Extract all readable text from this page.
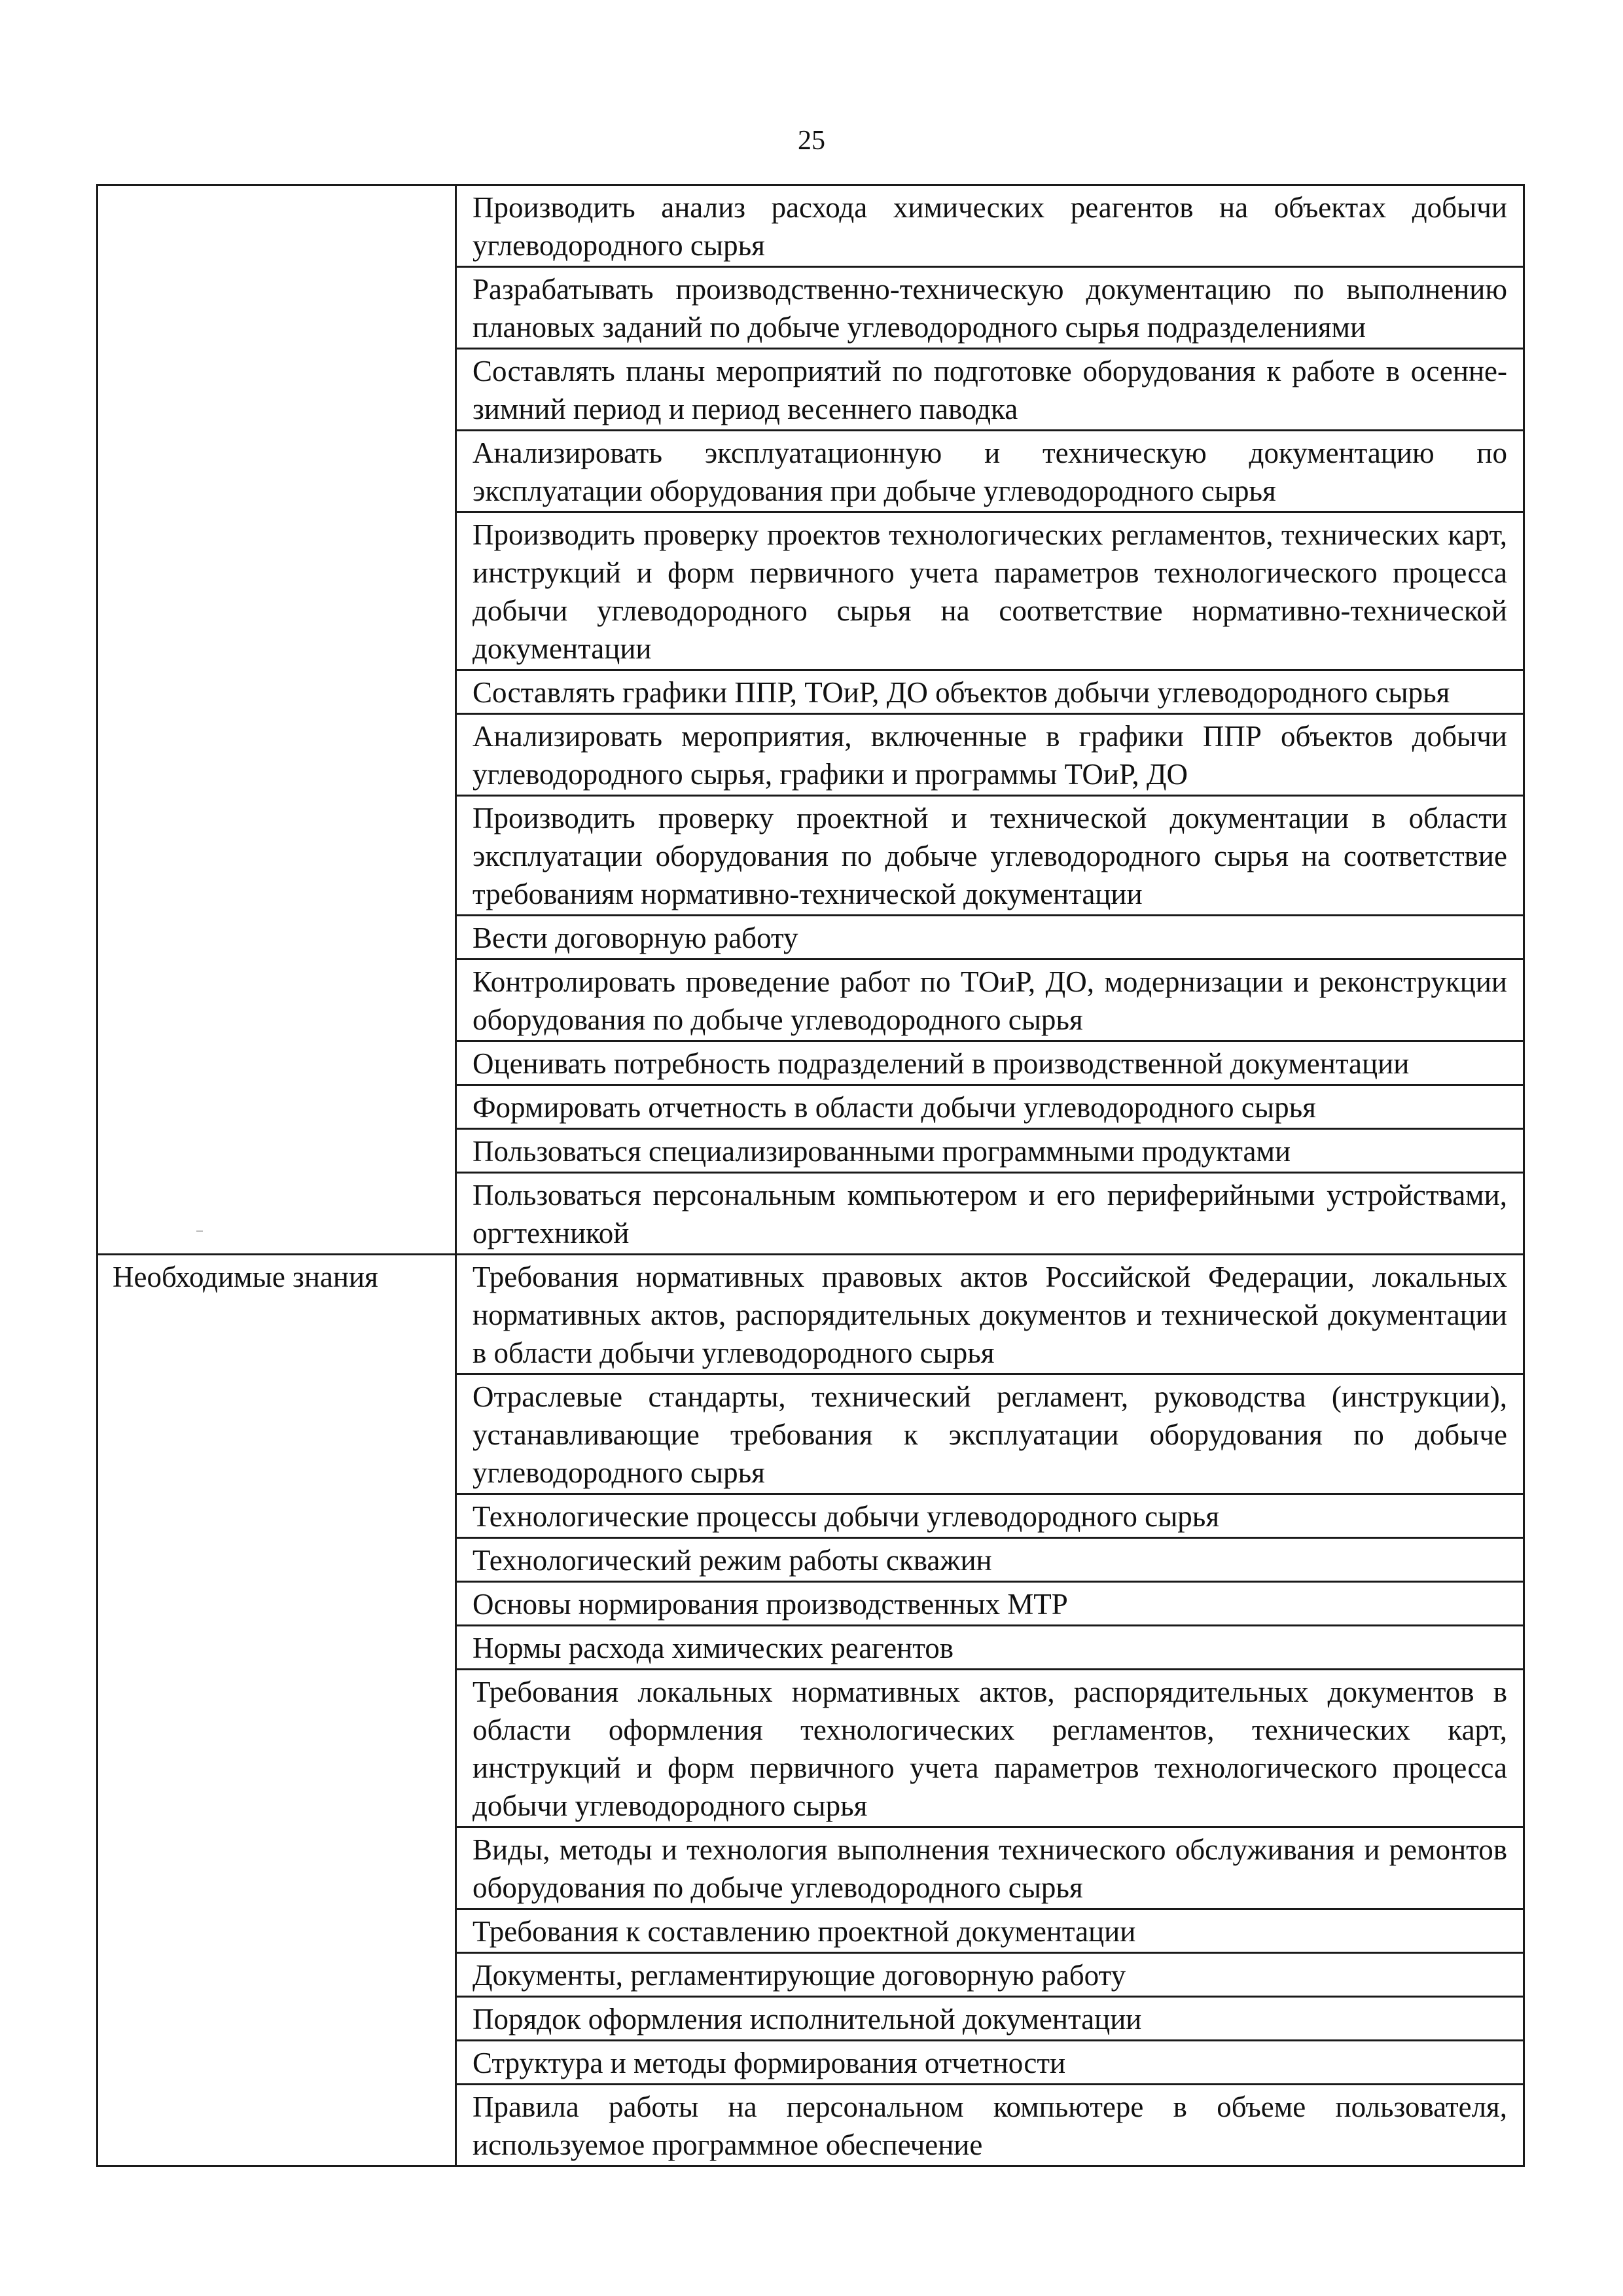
25
	Производить анализ расхода химических реагентов на объектах добычи углеводородного сырья
	Разрабатывать производственно-техническую документацию по выполнению плановых заданий по добыче углеводородного сырья подразделениями
	Составлять планы мероприятий по подготовке оборудования к работе в осенне-зимний период и период весеннего паводка
	Анализировать эксплуатационную и техническую документацию по эксплуатации оборудования при добыче углеводородного сырья
	Производить проверку проектов технологических регламентов, технических карт, инструкций и форм первичного учета параметров технологического процесса добычи углеводородного сырья на соответствие нормативно-технической документации
	Составлять графики ППР, ТОиР, ДО объектов добычи углеводородного сырья
	Анализировать мероприятия, включенные в графики ППР объектов добычи углеводородного сырья, графики и программы ТОиР, ДО
	Производить проверку проектной и технической документации в области эксплуатации оборудования по добыче углеводородного сырья на соответствие требованиям нормативно-технической документации
	Вести договорную работу
	Контролировать проведение работ по ТОиР, ДО, модернизации и реконструкции оборудования по добыче углеводородного сырья
	Оценивать потребность подразделений в производственной документации
	Формировать отчетность в области добычи углеводородного сырья
	Пользоваться специализированными программными продуктами
	Пользоваться персональным компьютером и его периферийными устройствами, оргтехникой
Необходимые знания	Требования нормативных правовых актов Российской Федерации, локальных нормативных актов, распорядительных документов и технической документации в области добычи углеводородного сырья
	Отраслевые стандарты, технический регламент, руководства (инструкции), устанавливающие требования к эксплуатации оборудования по добыче углеводородного сырья
	Технологические процессы добычи углеводородного сырья
	Технологический режим работы скважин
	Основы нормирования производственных МТР
	Нормы расхода химических реагентов
	Требования локальных нормативных актов, распорядительных документов в области оформления технологических регламентов, технических карт, инструкций и форм первичного учета параметров технологического процесса добычи углеводородного сырья
	Виды, методы и технология выполнения технического обслуживания и ремонтов оборудования по добыче углеводородного сырья
	Требования к составлению проектной документации
	Документы, регламентирующие договорную работу
	Порядок оформления исполнительной документации
	Структура и методы формирования отчетности
	Правила работы на персональном компьютере в объеме пользователя, используемое программное обеспечение
